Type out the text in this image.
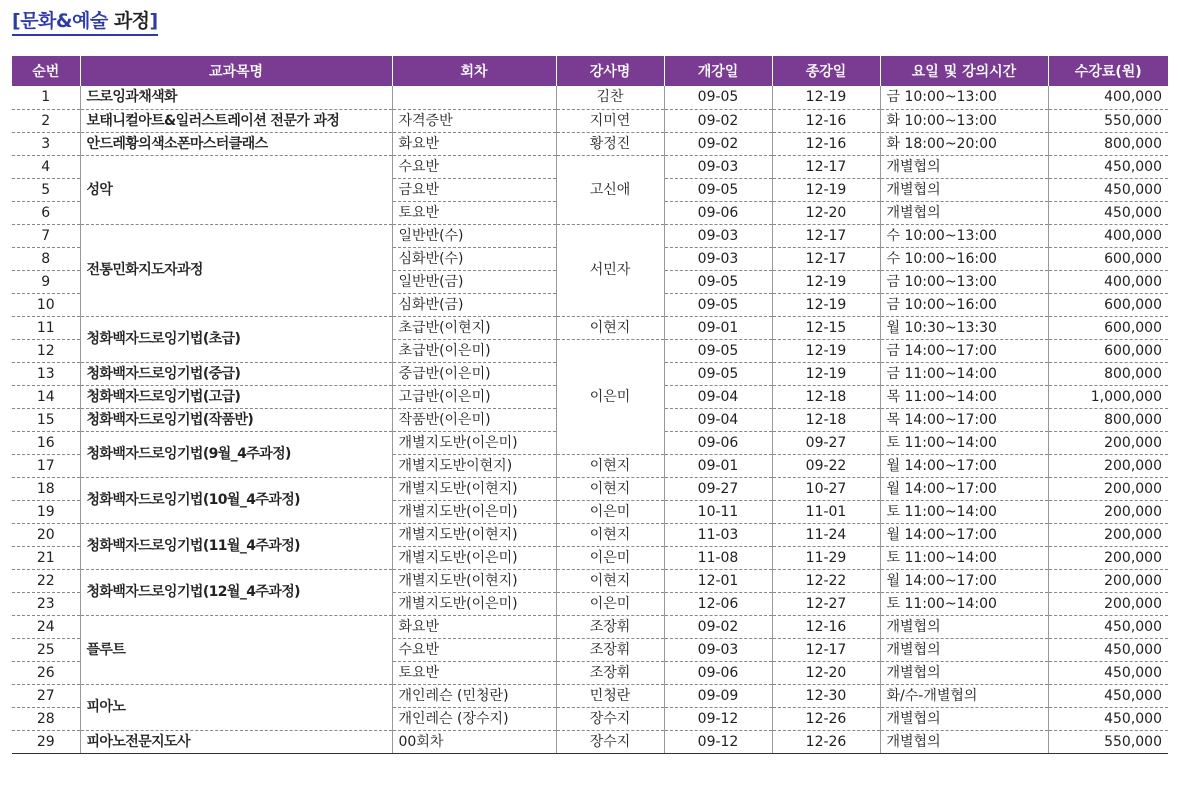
[문화&예술 과정]
순번	교과목명	회차	강사명	개강일	종강일	요일 및 강의시간	수강료(원)
1	드로잉과채색화		김찬	09-05	12-19	금 10:00~13:00	400,000
2	보태니컬아트&일러스트레이션 전문가 과정	자격증반	지미연	09-02	12-16	화 10:00~13:00	550,000
3	안드레황의색소폰마스터클래스	화요반	황정진	09-02	12-16	화 18:00~20:00	800,000
4	성악	수요반	고신애	09-03	12-17	개별협의	450,000
5		금요반		09-05	12-19	개별협의	450,000
6		토요반		09-06	12-20	개별협의	450,000
7	전통민화지도자과정	일반반(수)	서민자	09-03	12-17	수 10:00~13:00	400,000
8		심화반(수)		09-03	12-17	수 10:00~16:00	600,000
9		일반반(금)		09-05	12-19	금 10:00~13:00	400,000
10		심화반(금)		09-05	12-19	금 10:00~16:00	600,000
11	청화백자드로잉기법(초급)	초급반(이현지)	이현지	09-01	12-15	월 10:30~13:30	600,000
12		초급반(이은미)	이은미	09-05	12-19	금 14:00~17:00	600,000
13	청화백자드로잉기법(중급)	중급반(이은미)		09-05	12-19	금 11:00~14:00	800,000
14	청화백자드로잉기법(고급)	고급반(이은미)		09-04	12-18	목 11:00~14:00	1,000,000
15	청화백자드로잉기법(작품반)	작품반(이은미)		09-04	12-18	목 14:00~17:00	800,000
16	청화백자드로잉기법(9월_4주과정)	개별지도반(이은미)		09-06	09-27	토 11:00~14:00	200,000
17		개별지도반이현지)	이현지	09-01	09-22	월 14:00~17:00	200,000
18	청화백자드로잉기법(10월_4주과정)	개별지도반(이현지)	이현지	09-27	10-27	월 14:00~17:00	200,000
19		개별지도반(이은미)	이은미	10-11	11-01	토 11:00~14:00	200,000
20	청화백자드로잉기법(11월_4주과정)	개별지도반(이현지)	이현지	11-03	11-24	월 14:00~17:00	200,000
21		개별지도반(이은미)	이은미	11-08	11-29	토 11:00~14:00	200,000
22	청화백자드로잉기법(12월_4주과정)	개별지도반(이현지)	이현지	12-01	12-22	월 14:00~17:00	200,000
23		개별지도반(이은미)	이은미	12-06	12-27	토 11:00~14:00	200,000
24	플루트	화요반	조장휘	09-02	12-16	개별협의	450,000
25		수요반	조장휘	09-03	12-17	개별협의	450,000
26		토요반	조장휘	09-06	12-20	개별협의	450,000
27	피아노	개인레슨 (민청란)	민청란	09-09	12-30	화/수-개별협의	450,000
28		개인레슨 (장수지)	장수지	09-12	12-26	개별협의	450,000
29	피아노전문지도사	00회차	장수지	09-12	12-26	개별협의	550,000
